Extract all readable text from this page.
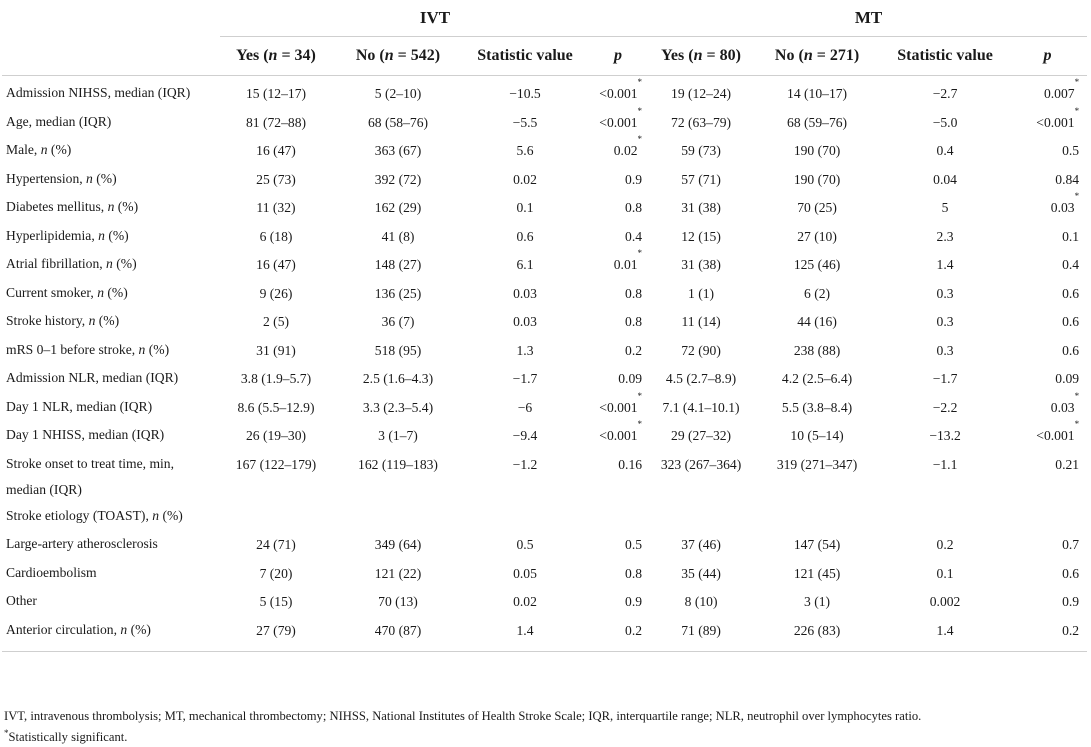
	IVT				MT			
	Yes (n = 34)	No (n = 542)	Statistic value	p	Yes (n = 80)	No (n = 271)	Statistic value	p
Admission NIHSS, median (IQR)	15 (12–17)	5 (2–10)	−10.5	<0.001*	19 (12–24)	14 (10–17)	−2.7	0.007*
Age, median (IQR)	81 (72–88)	68 (58–76)	−5.5	<0.001*	72 (63–79)	68 (59–76)	−5.0	<0.001*
Male, n (%)	16 (47)	363 (67)	5.6	0.02*	59 (73)	190 (70)	0.4	0.5
Hypertension, n (%)	25 (73)	392 (72)	0.02	0.9	57 (71)	190 (70)	0.04	0.84
Diabetes mellitus, n (%)	11 (32)	162 (29)	0.1	0.8	31 (38)	70 (25)	5	0.03*
Hyperlipidemia, n (%)	6 (18)	41 (8)	0.6	0.4	12 (15)	27 (10)	2.3	0.1
Atrial fibrillation, n (%)	16 (47)	148 (27)	6.1	0.01*	31 (38)	125 (46)	1.4	0.4
Current smoker, n (%)	9 (26)	136 (25)	0.03	0.8	1 (1)	6 (2)	0.3	0.6
Stroke history, n (%)	2 (5)	36 (7)	0.03	0.8	11 (14)	44 (16)	0.3	0.6
mRS 0–1 before stroke, n (%)	31 (91)	518 (95)	1.3	0.2	72 (90)	238 (88)	0.3	0.6
Admission NLR, median (IQR)	3.8 (1.9–5.7)	2.5 (1.6–4.3)	−1.7	0.09	4.5 (2.7–8.9)	4.2 (2.5–6.4)	−1.7	0.09
Day 1 NLR, median (IQR)	8.6 (5.5–12.9)	3.3 (2.3–5.4)	−6	<0.001*	7.1 (4.1–10.1)	5.5 (3.8–8.4)	−2.2	0.03*
Day 1 NHISS, median (IQR)	26 (19–30)	3 (1–7)	−9.4	<0.001*	29 (27–32)	10 (5–14)	−13.2	<0.001*
Stroke onset to treat time, min, median (IQR)	167 (122–179)	162 (119–183)	−1.2	0.16	323 (267–364)	319 (271–347)	−1.1	0.21
Stroke etiology (TOAST), n (%)								
Large-artery atherosclerosis	24 (71)	349 (64)	0.5	0.5	37 (46)	147 (54)	0.2	0.7
Cardioembolism	7 (20)	121 (22)	0.05	0.8	35 (44)	121 (45)	0.1	0.6
Other	5 (15)	70 (13)	0.02	0.9	8 (10)	3 (1)	0.002	0.9
Anterior circulation, n (%)	27 (79)	470 (87)	1.4	0.2	71 (89)	226 (83)	1.4	0.2
IVT, intravenous thrombolysis; MT, mechanical thrombectomy; NIHSS, National Institutes of Health Stroke Scale; IQR, interquartile range; NLR, neutrophil over lymphocytes ratio.
*Statistically significant.
